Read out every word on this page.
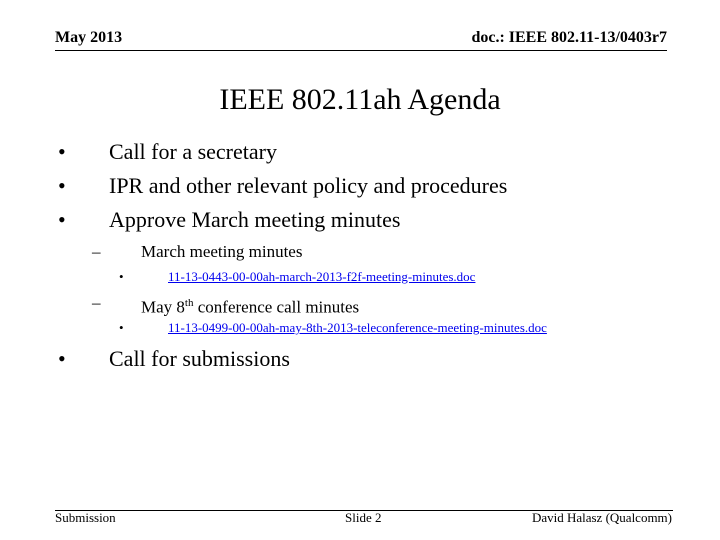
May 2013	doc.: IEEE 802.11-13/0403r7
IEEE 802.11ah Agenda
• Call for a secretary
• IPR and other relevant policy and procedures
• Approve March meeting minutes
– March meeting minutes
•	11-13-0443-00-00ah-march-2013-f2f-meeting-minutes.doc
– May 8th conference call minutes
•	11-13-0499-00-00ah-may-8th-2013-teleconference-meeting-minutes.doc
• Call for submissions
Submission	Slide 2	David Halasz (Qualcomm)
